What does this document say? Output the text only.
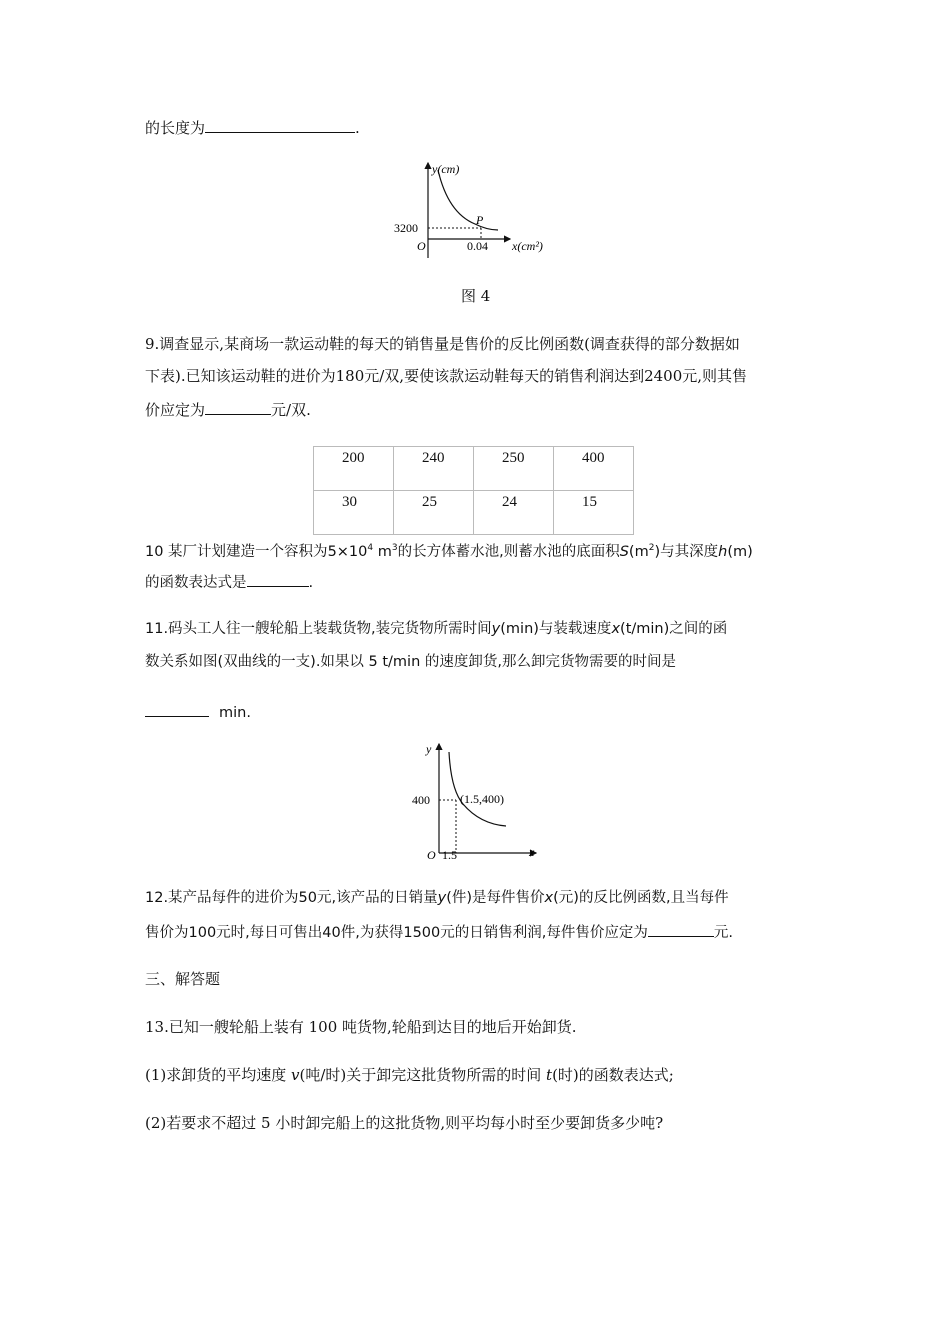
的长度为	.
y(cm)
P
3200
O	0.04 x(cm²)
图 4
9.调查显示,某商场一款运动鞋的每天的销售量是售价的反比例函数(调查获得的部分数据如
下表).已知该运动鞋的进价为180元/双,要使该款运动鞋每天的销售利润达到2400元,则其售
价应定为	元/双.
200	240	250	400
30	25	24	15
10 某厂计划建造一个容积为$5\times 10^4$ $m^3$的长方体蓄水池,则蓄水池的底面积$S(m^2)$与其深度h(m)
的函数表达式是	.
11.码头工人往一艘轮船上装载货物,装完货物所需时间y(min)与装载速度x(t/min)之间的函
数关系如图(双曲线的一支).如果以 5 t/min 的速度卸货,那么卸完货物需要的时间是
min.
y
400	(1.5,400)
O 1.5	x
12.某产品每件的进价为50元,该产品的日销量y(件)是每件售价x(元)的反比例函数,且当每件
售价为100元时,每日可售出40件,为获得1500元的日销售利润,每件售价应定为	元.
三、解答题
13.已知一艘轮船上装有 100 吨货物,轮船到达目的地后开始卸货.
(1)求卸货的平均速度 v(吨/时)关于卸完这批货物所需的时间 t(时)的函数表达式;
(2)若要求不超过 5 小时卸完船上的这批货物,则平均每小时至少要卸货多少吨?
